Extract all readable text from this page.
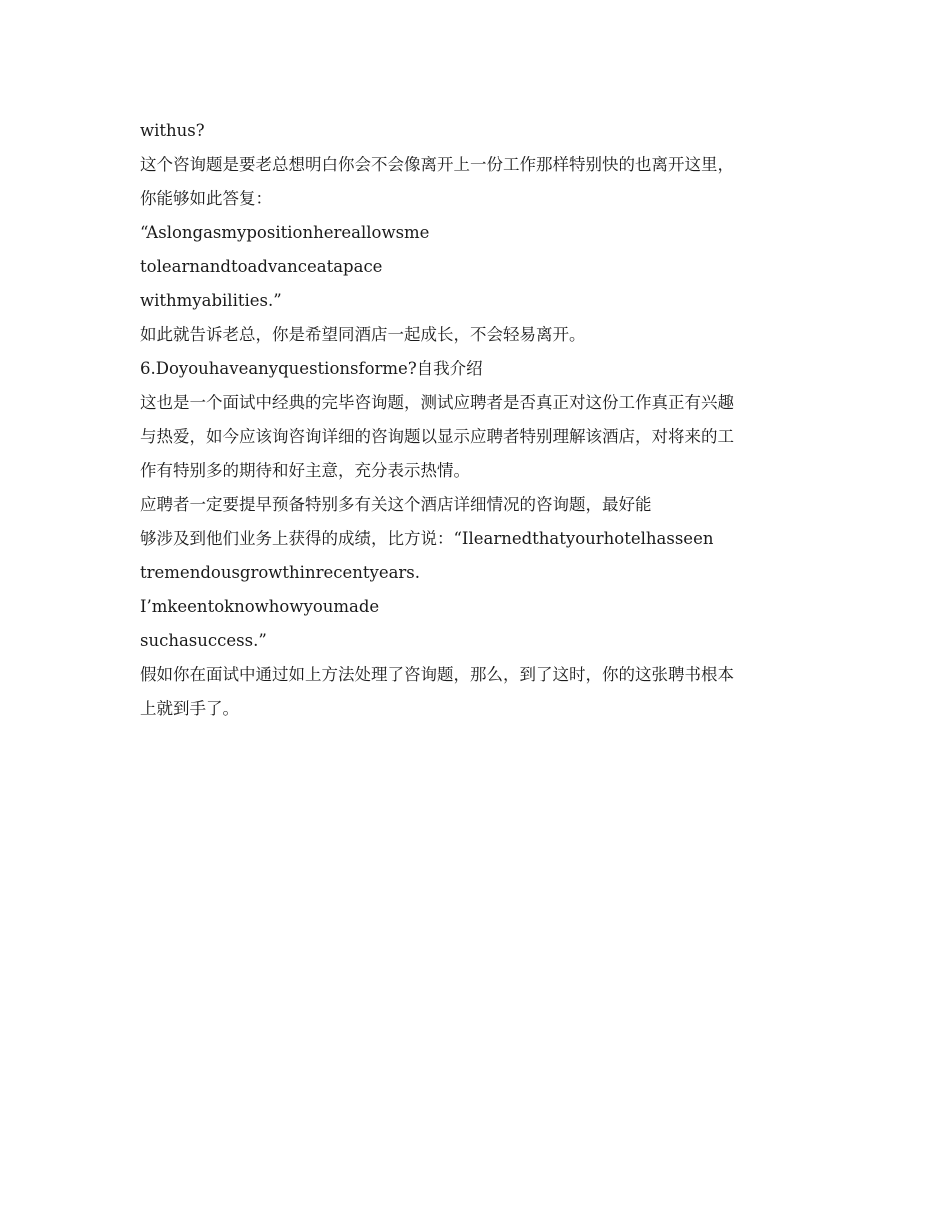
withus?
这个咨询题是要老总想明白你会不会像离开上一份工作那样特别快的也离开这里，
你能够如此答复：
“Aslongasmypositionhereallowsme
tolearnandtoadvanceatapace
withmyabilities.”
如此就告诉老总，你是希望同酒店一起成长，不会轻易离开。
6.Doyouhaveanyquestionsforme?自我介绍
这也是一个面试中经典的完毕咨询题，测试应聘者是否真正对这份工作真正有兴趣
与热爱，如今应该询咨询详细的咨询题以显示应聘者特别理解该酒店，对将来的工
作有特别多的期待和好主意，充分表示热情。
应聘者一定要提早预备特别多有关这个酒店详细情况的咨询题，最好能
够涉及到他们业务上获得的成绩，比方说：“Ilearnedthatyourhotelhasseen
tremendousgrowthinrecentyears.
I’mkeentoknowhowyoumade
suchasuccess.”
假如你在面试中通过如上方法处理了咨询题，那么，到了这时，你的这张聘书根本
上就到手了。
